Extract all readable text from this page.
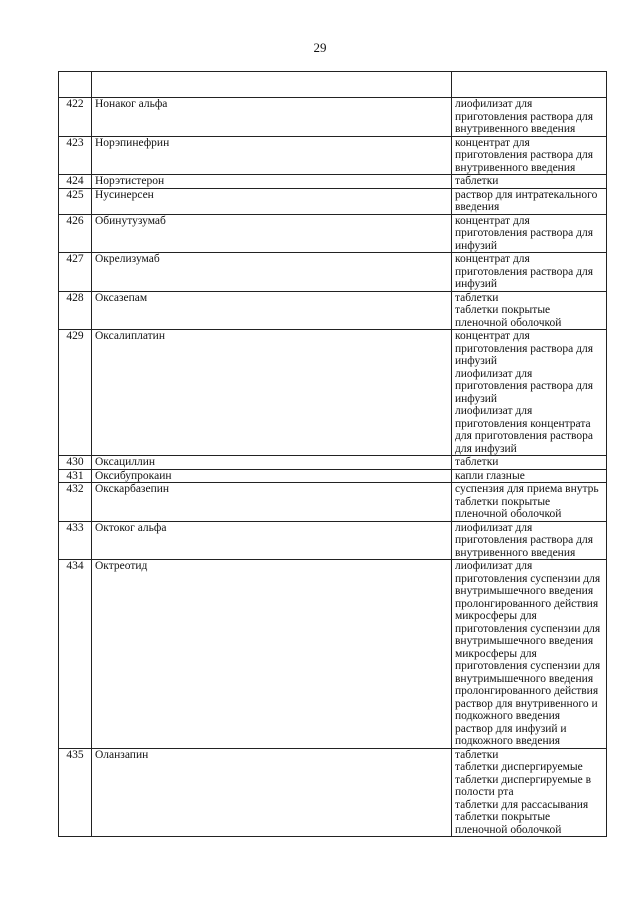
29

422	Нонаког альфа	лиофилизат для приготовления раствора для внутривенного введения

423	Норэпинефрин	концентрат для приготовления раствора для внутривенного введения

424	Норэтистерон	таблетки

425	Нусинерсен	раствор для интратекального введения

426	Обинутузумаб	концентрат для приготовления раствора для инфузий

427	Окрелизумаб	концентрат для приготовления раствора для инфузий

428	Оксазепам	таблетки
таблетки покрытые пленочной оболочкой

429	Оксалиплатин	концентрат для приготовления раствора для инфузий
лиофилизат для приготовления раствора для инфузий
лиофилизат для приготовления концентрата для приготовления раствора для инфузий

430	Оксациллин	таблетки

431	Оксибупрокаин	капли глазные

432	Окскарбазепин	суспензия для приема внутрь
таблетки покрытые пленочной оболочкой

433	Октоког альфа	лиофилизат для приготовления раствора для внутривенного введения

434	Октреотид	лиофилизат для приготовления суспензии для внутримышечного введения пролонгированного действия
микросферы для приготовления суспензии для внутримышечного введения
микросферы для приготовления суспензии для внутримышечного введения пролонгированного действия
раствор для внутривенного и подкожного введения
раствор для инфузий и подкожного введения

435	Оланзапин	таблетки
таблетки диспергируемые
таблетки диспергируемые в полости рта
таблетки для рассасывания
таблетки покрытые пленочной оболочкой
